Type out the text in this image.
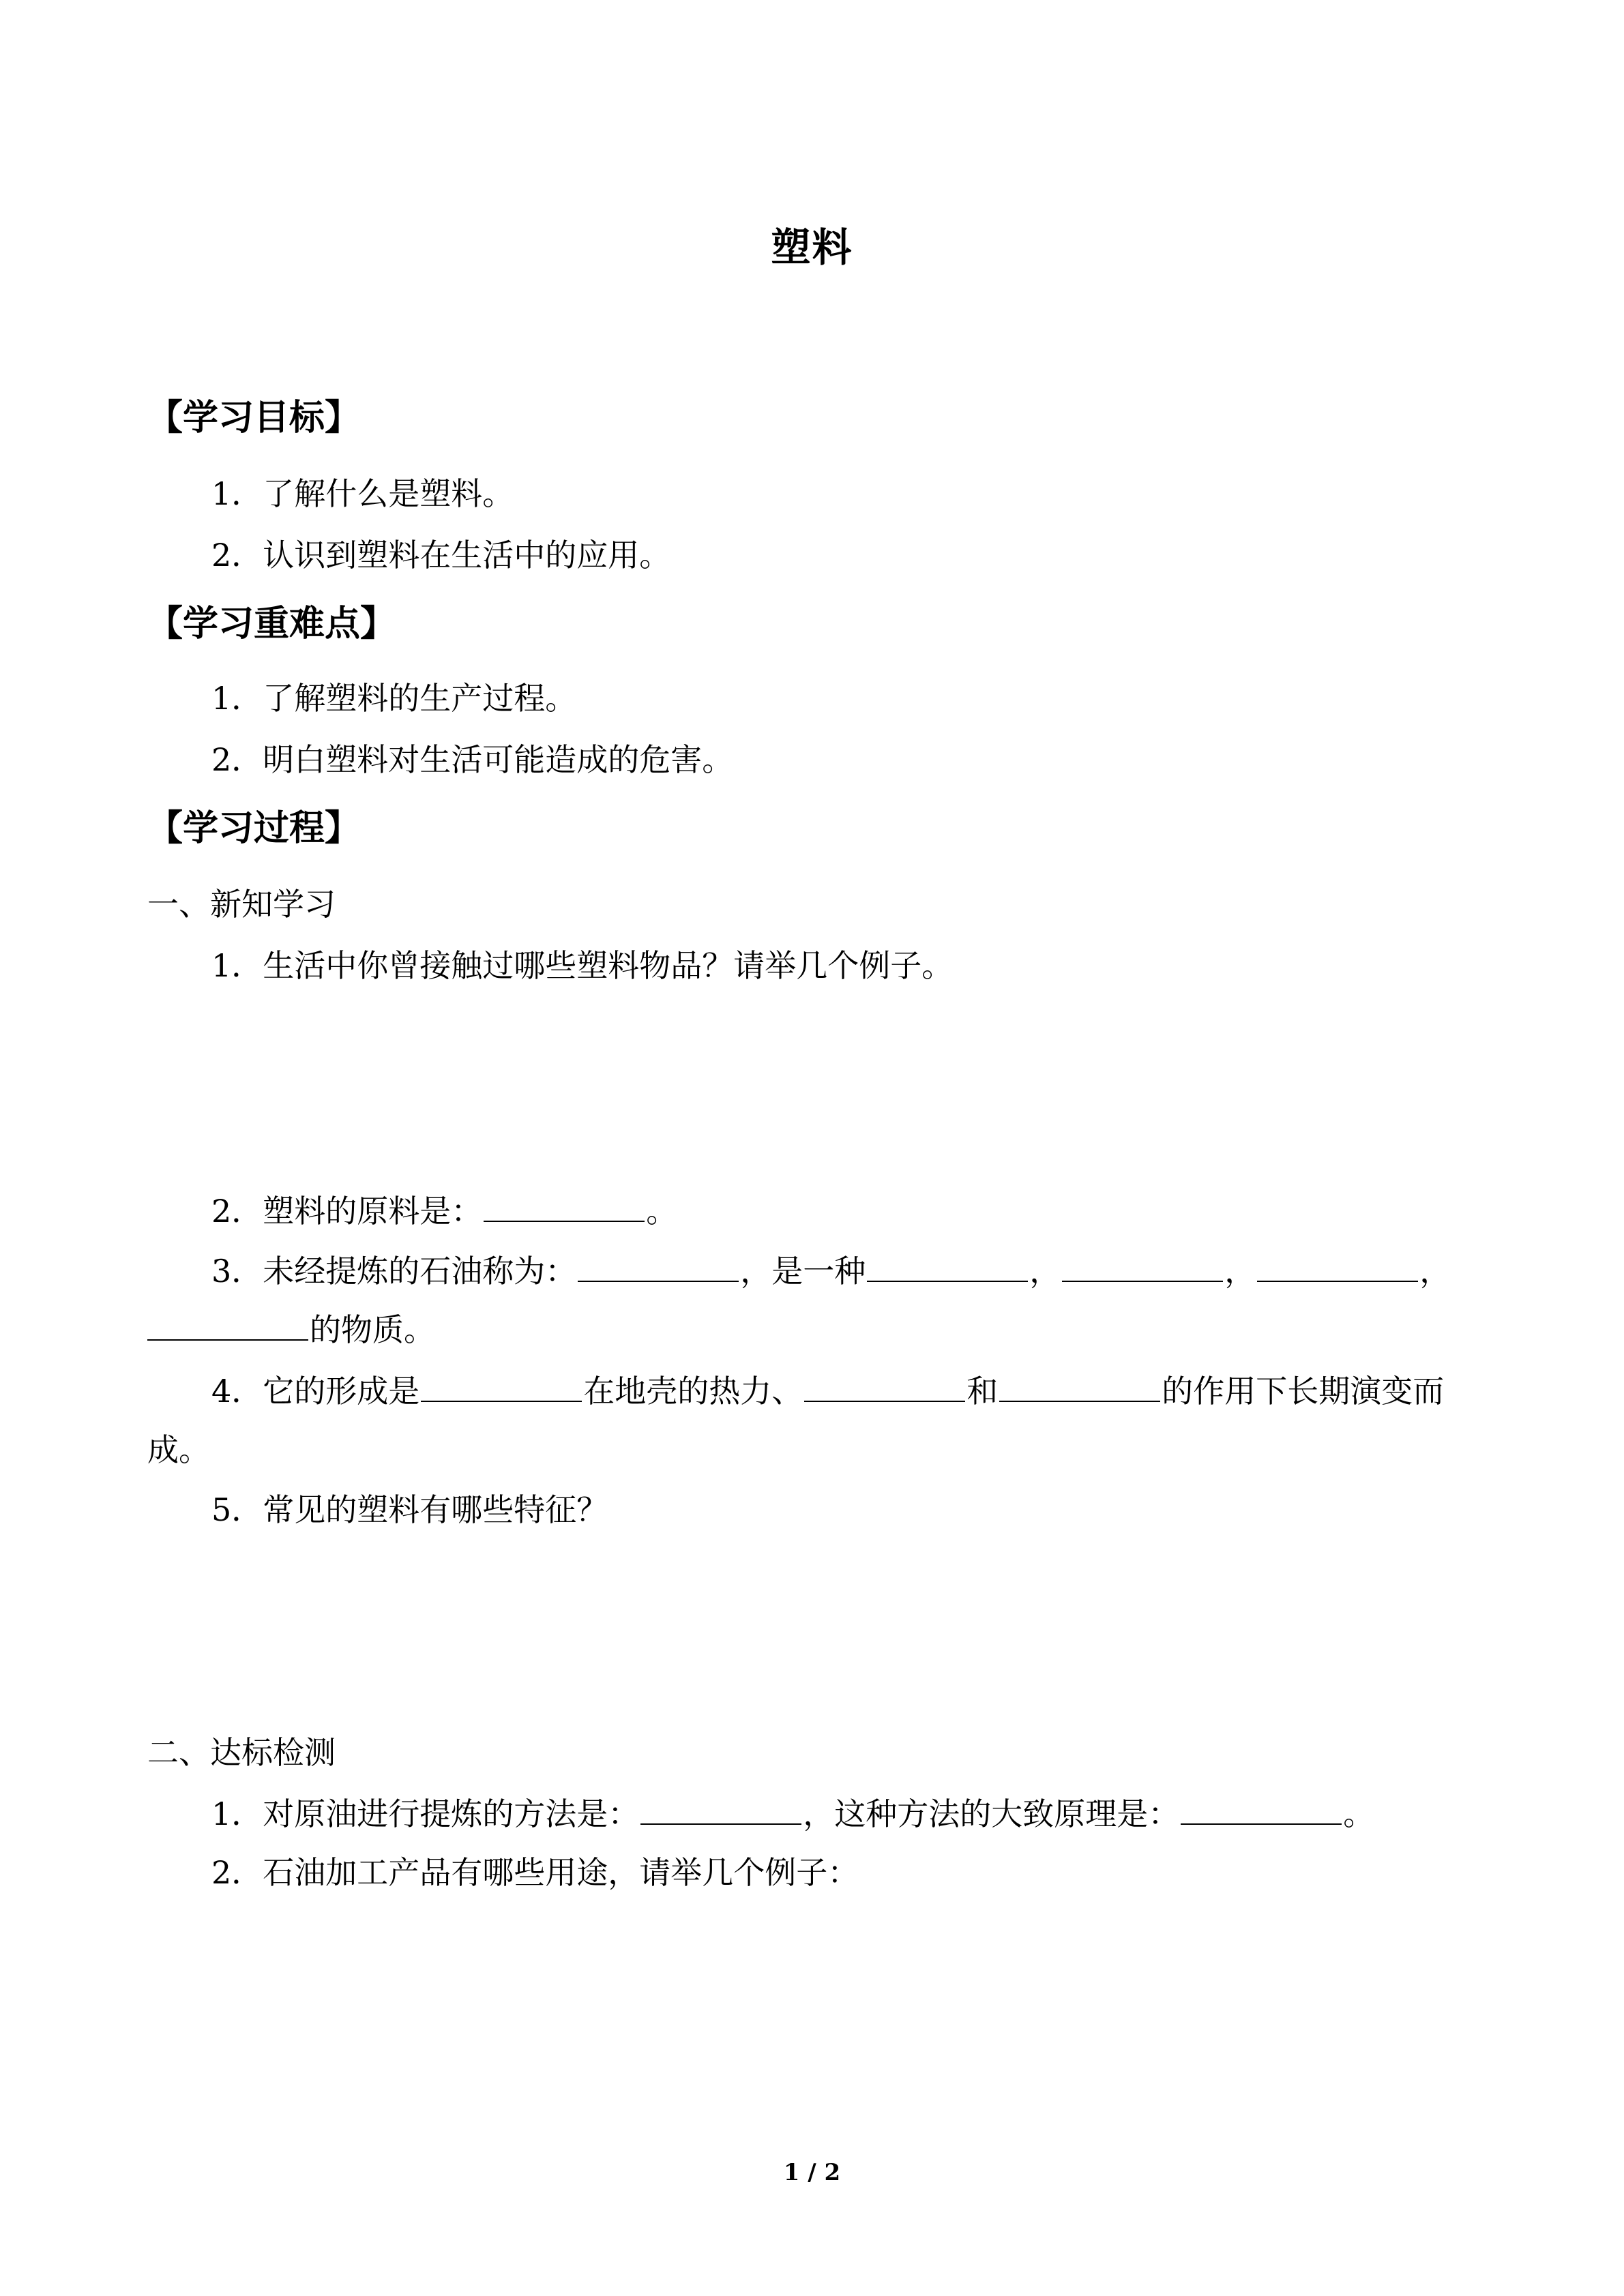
塑料
【学习目标】
1．了解什么是塑料。
2．认识到塑料在生活中的应用。
【学习重难点】
1．了解塑料的生产过程。
2．明白塑料对生活可能造成的危害。
【学习过程】
一、新知学习
1．生活中你曾接触过哪些塑料物品？请举几个例子。
2．塑料的原料是：	。
3．未经提炼的石油称为：	，是一种	，	，	，
的物质。
4．它的形成是	在地壳的热力、	和	的作用下长期演变而
成。
5．常见的塑料有哪些特征？
二、达标检测
1．对原油进行提炼的方法是：	，这种方法的大致原理是：	。
2．石油加工产品有哪些用途，请举几个例子：
1 / 2
